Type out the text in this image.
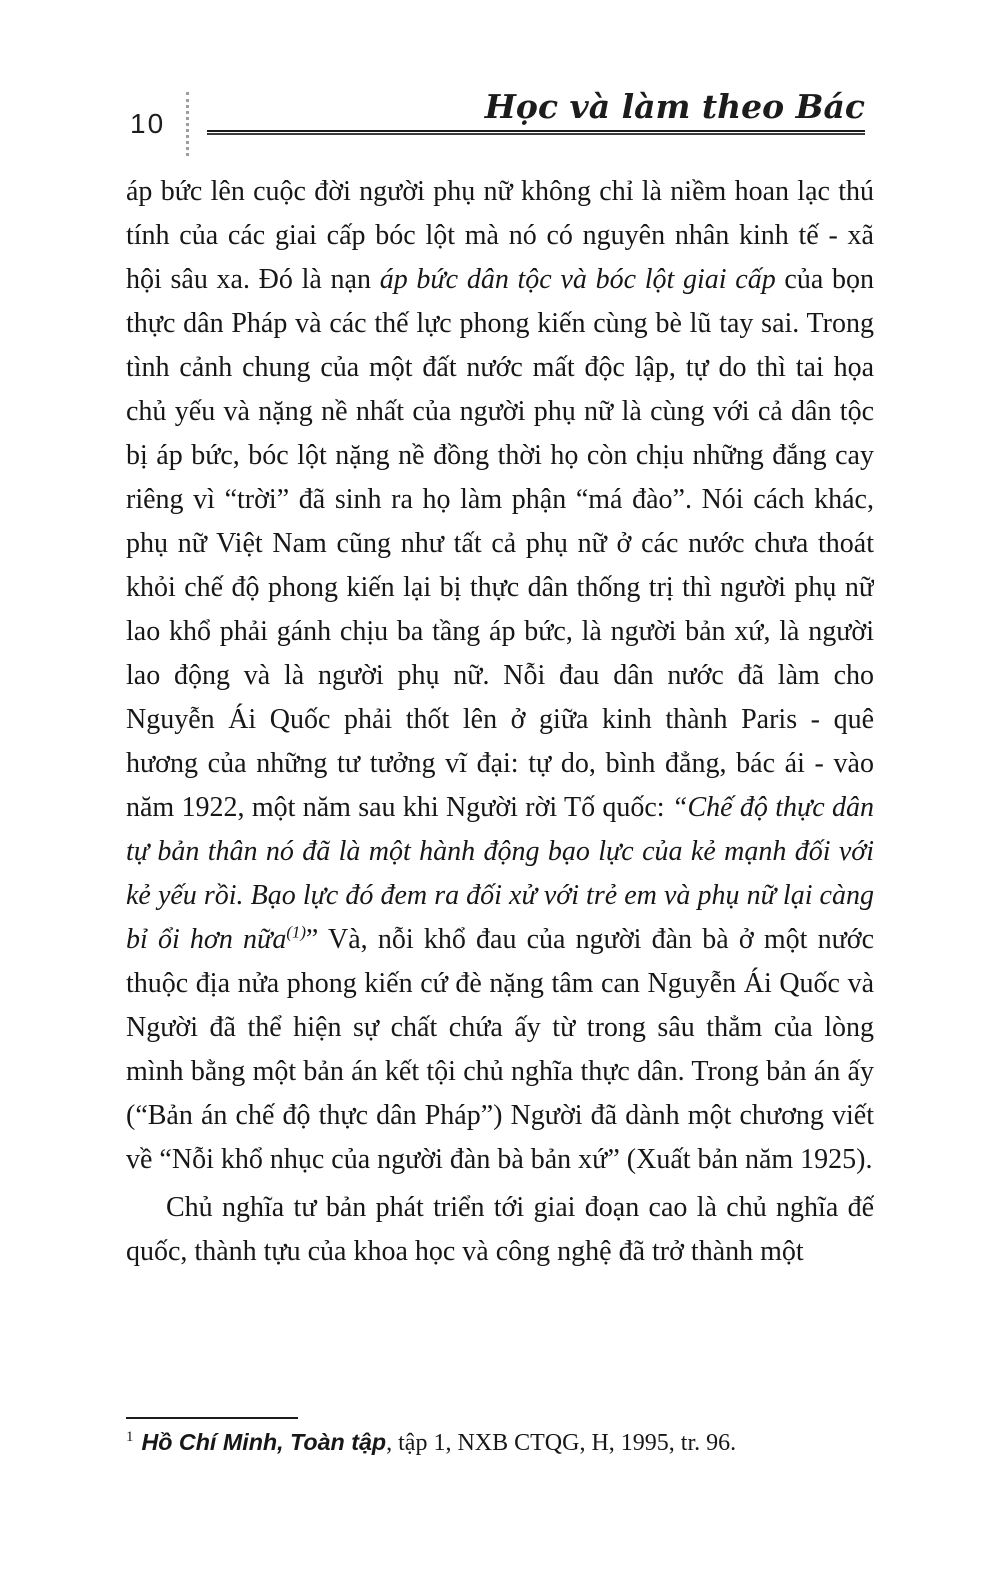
10	Học và làm theo Bác

áp bức lên cuộc đời người phụ nữ không chỉ là niềm hoan lạc thú tính của các giai cấp bóc lột mà nó có nguyên nhân kinh tế - xã hội sâu xa. Đó là nạn áp bức dân tộc và bóc lột giai cấp của bọn thực dân Pháp và các thế lực phong kiến cùng bè lũ tay sai. Trong tình cảnh chung của một đất nước mất độc lập, tự do thì tai họa chủ yếu và nặng nề nhất của người phụ nữ là cùng với cả dân tộc bị áp bức, bóc lột nặng nề đồng thời họ còn chịu những đắng cay riêng vì “trời” đã sinh ra họ làm phận “má đào”. Nói cách khác, phụ nữ Việt Nam cũng như tất cả phụ nữ ở các nước chưa thoát khỏi chế độ phong kiến lại bị thực dân thống trị thì người phụ nữ lao khổ phải gánh chịu ba tầng áp bức, là người bản xứ, là người lao động và là người phụ nữ. Nỗi đau dân nước đã làm cho Nguyễn Ái Quốc phải thốt lên ở giữa kinh thành Paris - quê hương của những tư tưởng vĩ đại: tự do, bình đẳng, bác ái - vào năm 1922, một năm sau khi Người rời Tố quốc: “Chế độ thực dân tự bản thân nó đã là một hành động bạo lực của kẻ mạnh đối với kẻ yếu rồi. Bạo lực đó đem ra đối xử với trẻ em và phụ nữ lại càng bỉ ổi hơn nữa$^{(1)}$” Và, nỗi khổ đau của người đàn bà ở một nước thuộc địa nửa phong kiến cứ đè nặng tâm can Nguyễn Ái Quốc và Người đã thể hiện sự chất chứa ấy từ trong sâu thẳm của lòng mình bằng một bản án kết tội chủ nghĩa thực dân. Trong bản án ấy (“Bản án chế độ thực dân Pháp”) Người đã dành một chương viết về “Nỗi khổ nhục của người đàn bà bản xứ” (Xuất bản năm 1925).

Chủ nghĩa tư bản phát triển tới giai đoạn cao là chủ nghĩa đế quốc, thành tựu của khoa học và công nghệ đã trở thành một

$^1$ Hồ Chí Minh, Toàn tập, tập 1, NXB CTQG, H, 1995, tr. 96.
